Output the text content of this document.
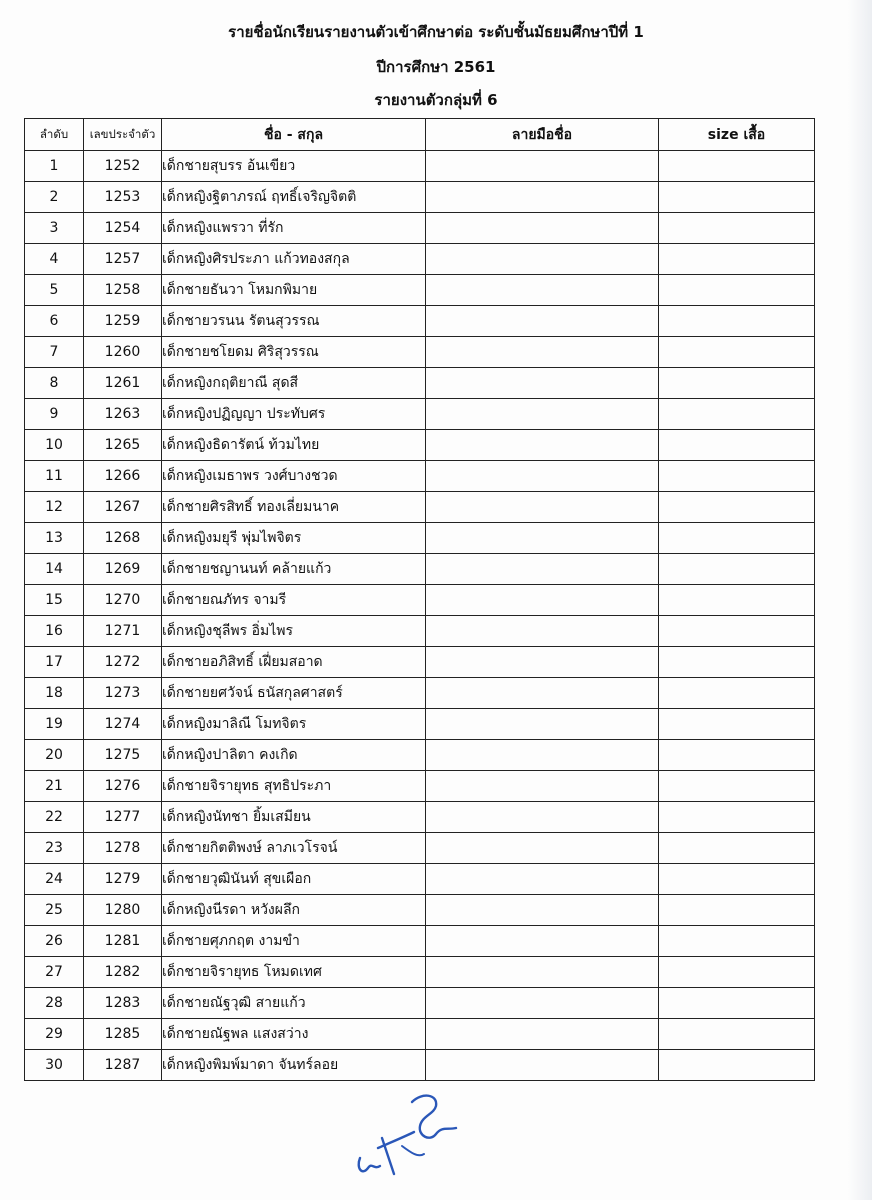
รายชื่อนักเรียนรายงานตัวเข้าศึกษาต่อ ระดับชั้นมัธยมศึกษาปีที่ 1
ปีการศึกษา 2561
รายงานตัวกลุ่มที่ 6
ลำดับ	เลขประจำตัว	ชื่อ - สกุล	ลายมือชื่อ	size เสื้อ
1	1252	เด็กชายสุบรร อ้นเขียว		
2	1253	เด็กหญิงฐิตาภรณ์ ฤทธิ์เจริญจิตติ		
3	1254	เด็กหญิงแพรวา ที่รัก		
4	1257	เด็กหญิงศิรประภา แก้วทองสกุล		
5	1258	เด็กชายธันวา โหมกพิมาย		
6	1259	เด็กชายวรนน รัตนสุวรรณ		
7	1260	เด็กชายชโยดม ศิริสุวรรณ		
8	1261	เด็กหญิงกฤติยาณี สุดสี		
9	1263	เด็กหญิงปฏิญญา ประทับศร		
10	1265	เด็กหญิงธิดารัตน์ ท้วมไทย		
11	1266	เด็กหญิงเมธาพร วงศ์บางชวด		
12	1267	เด็กชายศิรสิทธิ์ ทองเลี่ยมนาค		
13	1268	เด็กหญิงมยุรี พุ่มไพจิตร		
14	1269	เด็กชายชญานนท์ คล้ายแก้ว		
15	1270	เด็กชายณภัทร จามรี		
16	1271	เด็กหญิงชุลีพร อิ่มไพร		
17	1272	เด็กชายอภิสิทธิ์ เฝี่ยมสอาด		
18	1273	เด็กชายยศวัจน์ ธนัสกุลศาสตร์		
19	1274	เด็กหญิงมาลิณี โมทจิตร		
20	1275	เด็กหญิงปาลิตา คงเกิด		
21	1276	เด็กชายจิรายุทธ สุทธิประภา		
22	1277	เด็กหญิงนัทชา ยิ้มเสมียน		
23	1278	เด็กชายกิตติพงษ์ ลาภเวโรจน์		
24	1279	เด็กชายวุฒินันท์ สุขเผือก		
25	1280	เด็กหญิงนีรดา หวังผลึก		
26	1281	เด็กชายศุภกฤต งามขำ		
27	1282	เด็กชายจิรายุทธ โหมดเทศ		
28	1283	เด็กชายณัฐวุฒิ สายแก้ว		
29	1285	เด็กชายณัฐพล แสงสว่าง		
30	1287	เด็กหญิงพิมพ์มาดา จันทร์ลอย		
